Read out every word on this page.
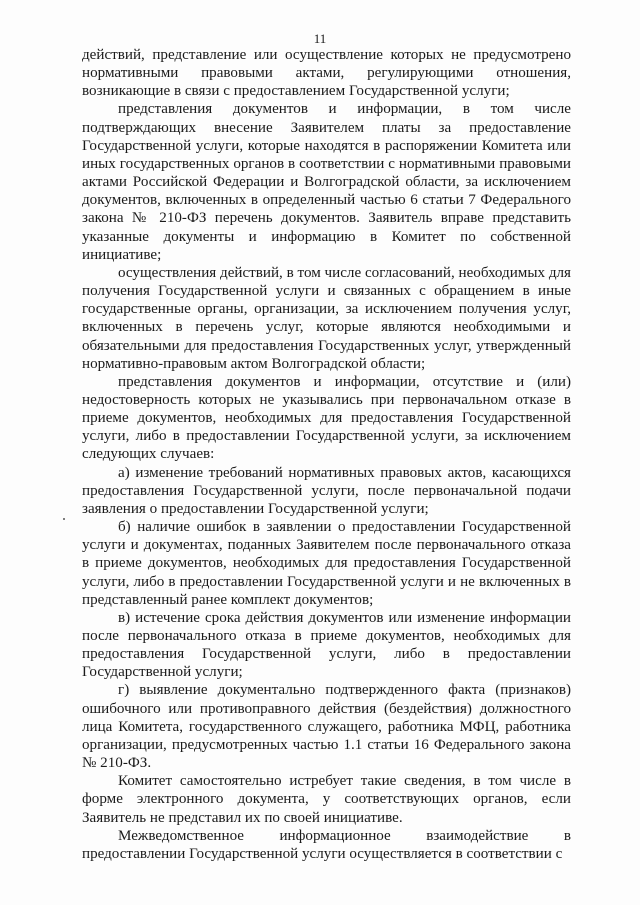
11

действий, представление или осуществление которых не предусмотрено нормативными правовыми актами, регулирующими отношения, возникающие в связи с предоставлением Государственной услуги;

представления документов и информации, в том числе подтверждающих внесение Заявителем платы за предоставление Государственной услуги, которые находятся в распоряжении Комитета или иных государственных органов в соответствии с нормативными правовыми актами Российской Федерации и Волгоградской области, за исключением документов, включенных в определенный частью 6 статьи 7 Федерального закона № 210-ФЗ перечень документов. Заявитель вправе представить указанные документы и информацию в Комитет по собственной инициативе;

осуществления действий, в том числе согласований, необходимых для получения Государственной услуги и связанных с обращением в иные государственные органы, организации, за исключением получения услуг, включенных в перечень услуг, которые являются необходимыми и обязательными для предоставления Государственных услуг, утвержденный нормативно-правовым актом Волгоградской области;

представления документов и информации, отсутствие и (или) недостоверность которых не указывались при первоначальном отказе в приеме документов, необходимых для предоставления Государственной услуги, либо в предоставлении Государственной услуги, за исключением следующих случаев:

а) изменение требований нормативных правовых актов, касающихся предоставления Государственной услуги, после первоначальной подачи заявления о предоставлении Государственной услуги;

б) наличие ошибок в заявлении о предоставлении Государственной услуги и документах, поданных Заявителем после первоначального отказа в приеме документов, необходимых для предоставления Государственной услуги, либо в предоставлении Государственной услуги и не включенных в представленный ранее комплект документов;

в) истечение срока действия документов или изменение информации после первоначального отказа в приеме документов, необходимых для предоставления Государственной услуги, либо в предоставлении Государственной услуги;

г) выявление документально подтвержденного факта (признаков) ошибочного или противоправного действия (бездействия) должностного лица Комитета, государственного служащего, работника МФЦ, работника организации, предусмотренных частью 1.1 статьи 16 Федерального закона № 210-ФЗ.

Комитет самостоятельно истребует такие сведения, в том числе в форме электронного документа, у соответствующих органов, если Заявитель не представил их по своей инициативе.

Межведомственное информационное взаимодействие в предоставлении Государственной услуги осуществляется в соответствии с
